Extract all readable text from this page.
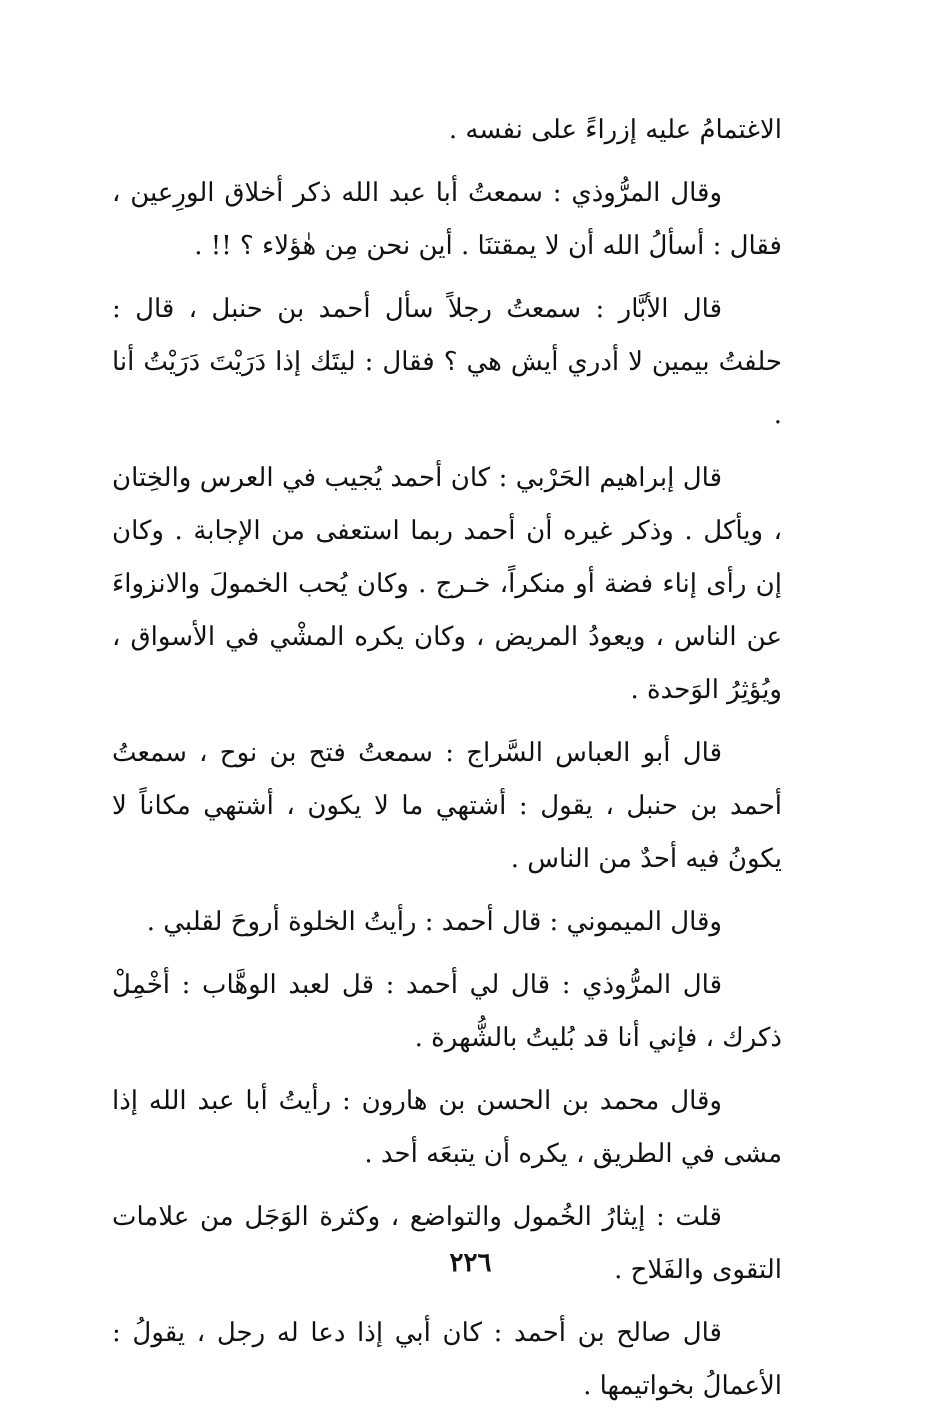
الاغتمامُ عليه إزراءً على نفسه .

وقال المرُّوذي : سمعتُ أبا عبد الله ذكر أخلاق الورِعين ، فقال : أسألُ الله أن لا يمقتنَا . أين نحن مِن هٰؤلاء ؟ !! .

قال الأبَّار : سمعتُ رجلاً سأل أحمد بن حنبل ، قال : حلفتُ بيمين لا أدري أيش هي ؟ فقال : ليتَك إذا دَرَيْتَ دَرَيْتُ أنا .

قال إبراهيم الحَرْبي : كان أحمد يُجيب في العرس والخِتان ، ويأكل . وذكر غيره أن أحمد ربما استعفى من الإجابة . وكان إن رأى إناء فضة أو منكراً، خـرج . وكان يُحب الخمولَ والانزواءَ عن الناس ، ويعودُ المريض ، وكان يكره المشْي في الأسواق ، ويُؤثِرُ الوَحدة .

قال أبو العباس السَّراج : سمعتُ فتح بن نوح ، سمعتُ أحمد بن حنبل ، يقول : أشتهي ما لا يكون ، أشتهي مكاناً لا يكونُ فيه أحدٌ من الناس .

وقال الميموني : قال أحمد : رأيتُ الخلوة أروحَ لقلبي .

قال المرُّوذي : قال لي أحمد : قل لعبد الوهَّاب : أخْمِلْ ذكرك ، فإني أنا قد بُليتُ بالشُّهرة .

وقال محمد بن الحسن بن هارون : رأيتُ أبا عبد الله إذا مشى في الطريق ، يكره أن يتبعَه أحد .

قلت : إيثارُ الخُمول والتواضع ، وكثرة الوَجَل من علامات التقوى والفَلاح .

قال صالح بن أحمد : كان أبي إذا دعا له رجل ، يقولُ : الأعمالُ بخواتيمها .

٢٢٦
